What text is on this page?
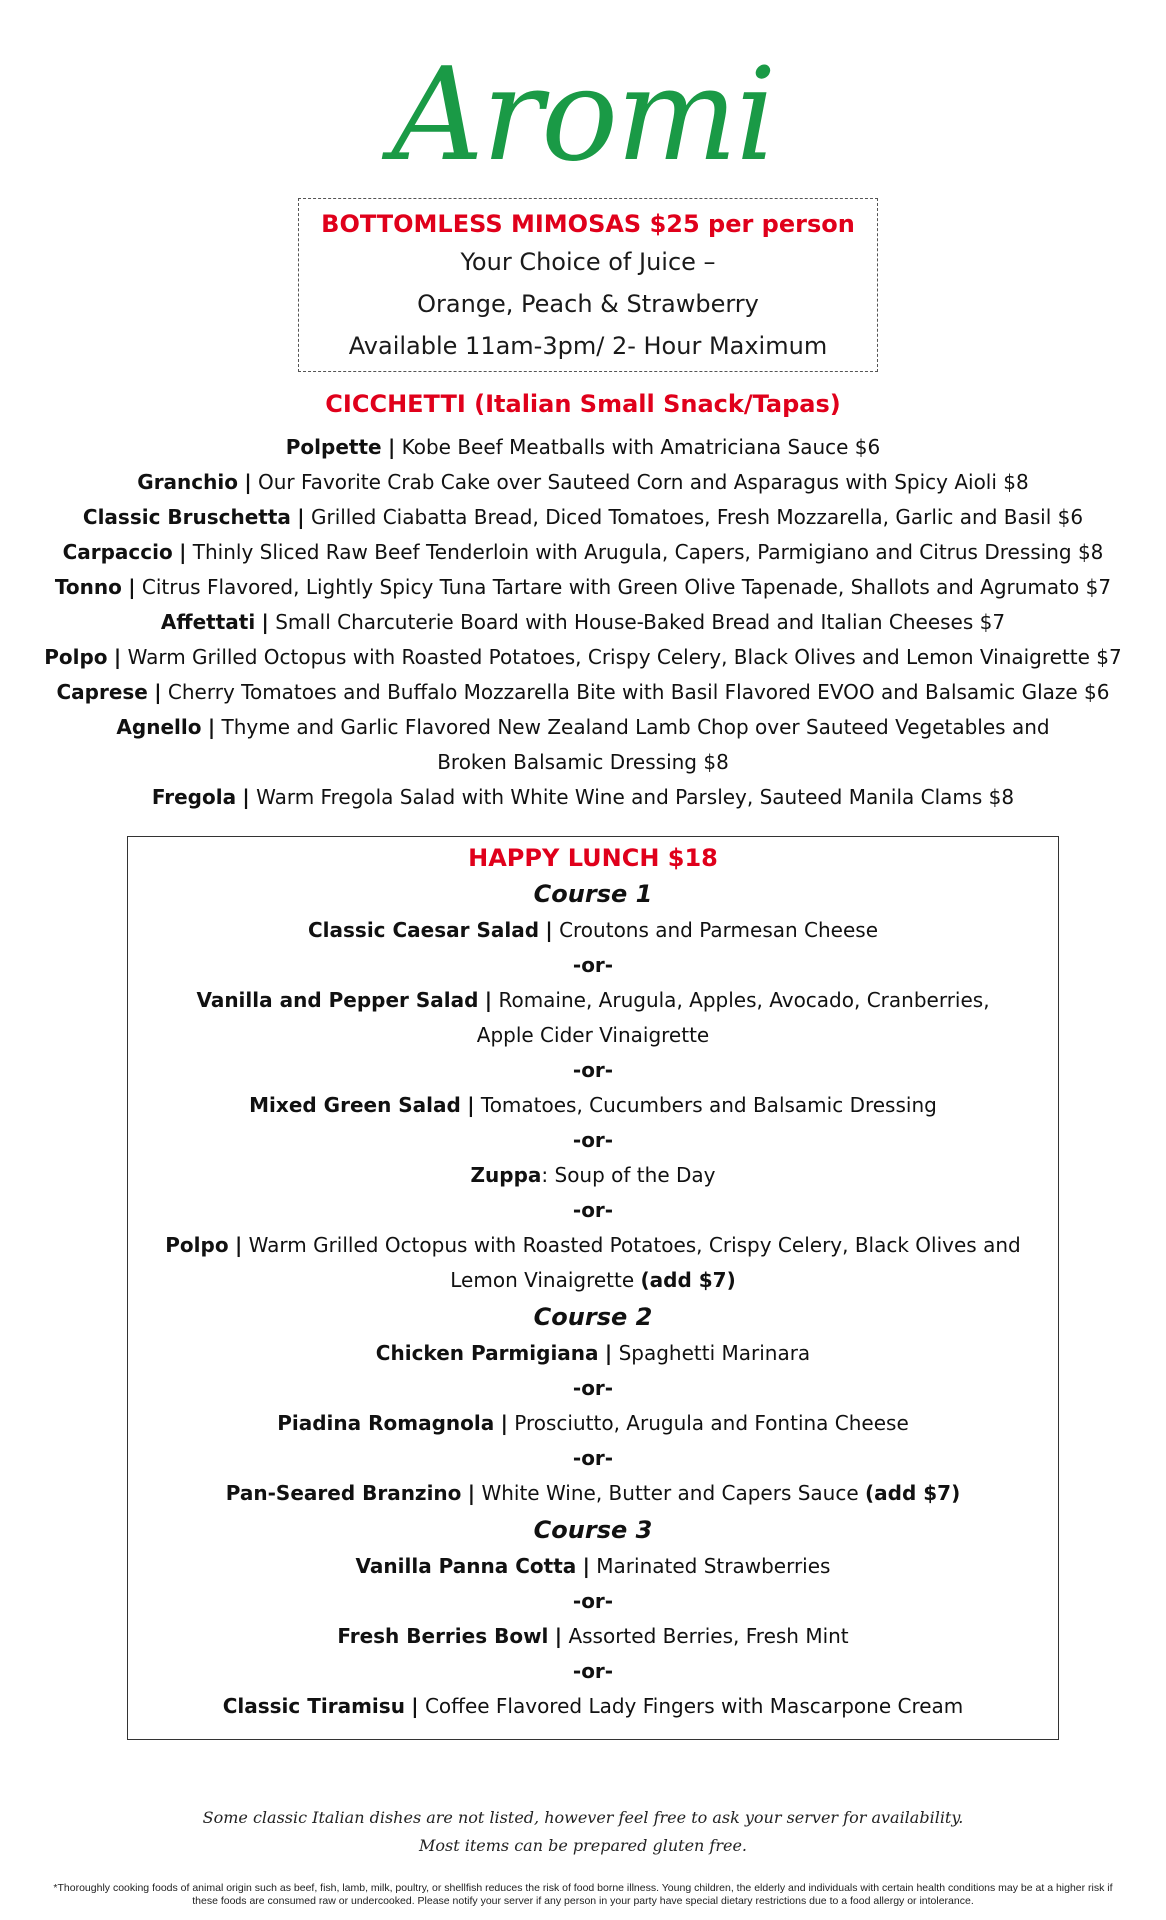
Aromi
BOTTOMLESS MIMOSAS $25 per person
Your Choice of Juice –
Orange, Peach & Strawberry
Available 11am-3pm/ 2- Hour Maximum
CICCHETTI (Italian Small Snack/Tapas)
Polpette | Kobe Beef Meatballs with Amatriciana Sauce $6
Granchio | Our Favorite Crab Cake over Sauteed Corn and Asparagus with Spicy Aioli $8
Classic Bruschetta | Grilled Ciabatta Bread, Diced Tomatoes, Fresh Mozzarella, Garlic and Basil $6
Carpaccio | Thinly Sliced Raw Beef Tenderloin with Arugula, Capers, Parmigiano and Citrus Dressing $8
Tonno | Citrus Flavored, Lightly Spicy Tuna Tartare with Green Olive Tapenade, Shallots and Agrumato $7
Affettati | Small Charcuterie Board with House-Baked Bread and Italian Cheeses $7
Polpo | Warm Grilled Octopus with Roasted Potatoes, Crispy Celery, Black Olives and Lemon Vinaigrette $7
Caprese | Cherry Tomatoes and Buffalo Mozzarella Bite with Basil Flavored EVOO and Balsamic Glaze $6
Agnello | Thyme and Garlic Flavored New Zealand Lamb Chop over Sauteed Vegetables and
Broken Balsamic Dressing $8
Fregola | Warm Fregola Salad with White Wine and Parsley, Sauteed Manila Clams $8
HAPPY LUNCH $18
Course 1
Classic Caesar Salad | Croutons and Parmesan Cheese
-or-
Vanilla and Pepper Salad | Romaine, Arugula, Apples, Avocado, Cranberries,
Apple Cider Vinaigrette
-or-
Mixed Green Salad | Tomatoes, Cucumbers and Balsamic Dressing
-or-
Zuppa: Soup of the Day
-or-
Polpo | Warm Grilled Octopus with Roasted Potatoes, Crispy Celery, Black Olives and
Lemon Vinaigrette (add $7)
Course 2
Chicken Parmigiana | Spaghetti Marinara
-or-
Piadina Romagnola | Prosciutto, Arugula and Fontina Cheese
-or-
Pan-Seared Branzino | White Wine, Butter and Capers Sauce (add $7)
Course 3
Vanilla Panna Cotta | Marinated Strawberries
-or-
Fresh Berries Bowl | Assorted Berries, Fresh Mint
-or-
Classic Tiramisu | Coffee Flavored Lady Fingers with Mascarpone Cream
Some classic Italian dishes are not listed, however feel free to ask your server for availability.
Most items can be prepared gluten free.
*Thoroughly cooking foods of animal origin such as beef, fish, lamb, milk, poultry, or shellfish reduces the risk of food borne illness. Young children, the elderly and individuals with certain health conditions may be at a higher risk if these foods are consumed raw or undercooked. Please notify your server if any person in your party have special dietary restrictions due to a food allergy or intolerance.
